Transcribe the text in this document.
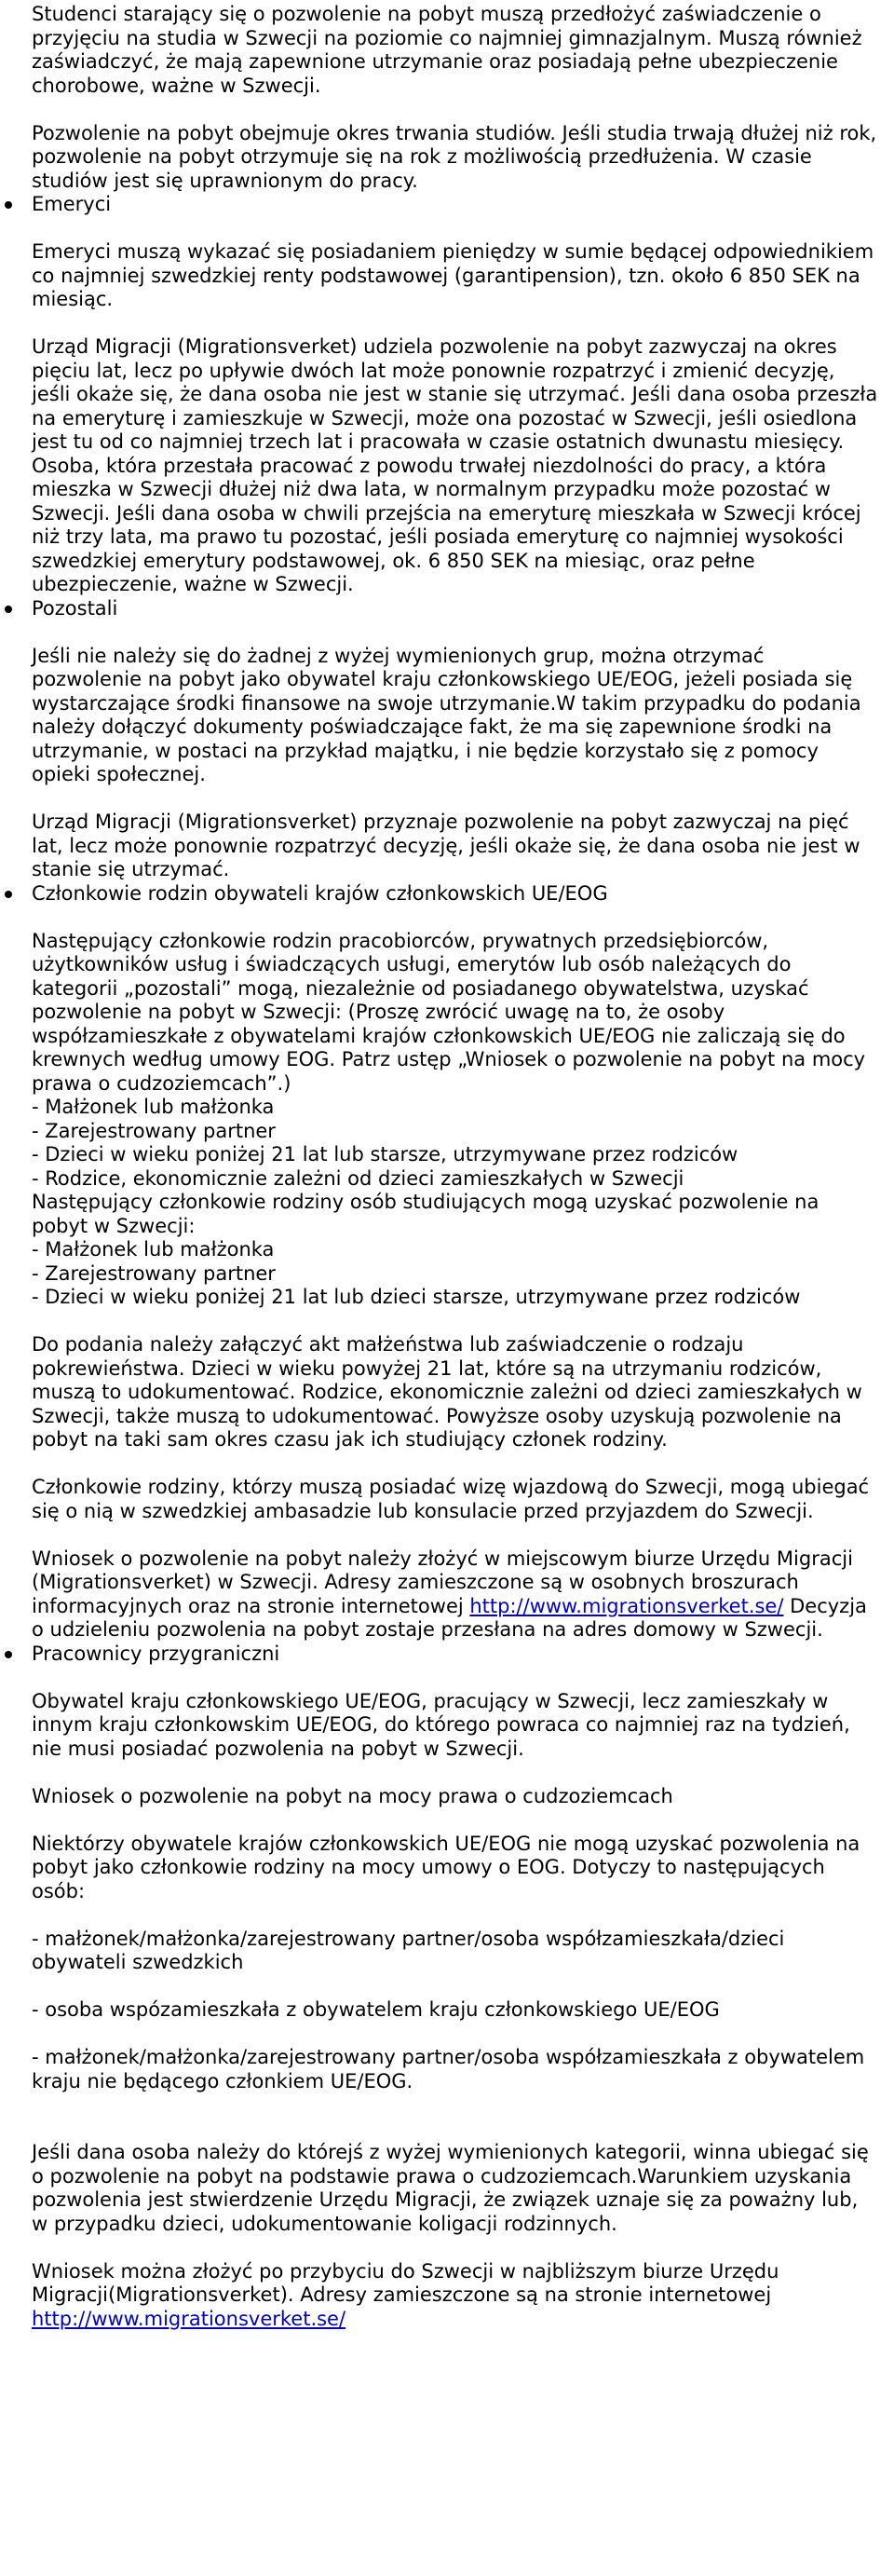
Studenci starający się o pozwolenie na pobyt muszą przedłożyć zaświadczenie o przyjęciu na studia w Szwecji na poziomie co najmniej gimnazjalnym. Muszą również zaświadczyć, że mają zapewnione utrzymanie oraz posiadają pełne ubezpieczenie chorobowe, ważne w Szwecji.

Pozwolenie na pobyt obejmuje okres trwania studiów. Jeśli studia trwają dłużej niż rok, pozwolenie na pobyt otrzymuje się na rok z możliwością przedłużenia. W czasie studiów jest się uprawnionym do pracy.

Emeryci

Emeryci muszą wykazać się posiadaniem pieniędzy w sumie będącej odpowiednikiem co najmniej szwedzkiej renty podstawowej (garantipension), tzn. około 6 850 SEK na miesiąc.

Urząd Migracji (Migrationsverket) udziela pozwolenie na pobyt zazwyczaj na okres pięciu lat, lecz po upływie dwóch lat może ponownie rozpatrzyć i zmienić decyzję, jeśli okaże się, że dana osoba nie jest w stanie się utrzymać. Jeśli dana osoba przeszła na emeryturę i zamieszkuje w Szwecji, może ona pozostać w Szwecji, jeśli osiedlona jest tu od co najmniej trzech lat i pracowała w czasie ostatnich dwunastu miesięcy.

Osoba, która przestała pracować z powodu trwałej niezdolności do pracy, a która mieszka w Szwecji dłużej niż dwa lata, w normalnym przypadku może pozostać w Szwecji. Jeśli dana osoba w chwili przejścia na emeryturę mieszkała w Szwecji krócej niż trzy lata, ma prawo tu pozostać, jeśli posiada emeryturę co najmniej wysokości szwedzkiej emerytury podstawowej, ok. 6 850 SEK na miesiąc, oraz pełne ubezpieczenie, ważne w Szwecji.

Pozostali

Jeśli nie należy się do żadnej z wyżej wymienionych grup, można otrzymać pozwolenie na pobyt jako obywatel kraju członkowskiego UE/EOG, jeżeli posiada się wystarczające środki finansowe na swoje utrzymanie.W takim przypadku do podania należy dołączyć dokumenty poświadczające fakt, że ma się zapewnione środki na utrzymanie, w postaci na przykład majątku, i nie będzie korzystało się z pomocy opieki społecznej.

Urząd Migracji (Migrationsverket) przyznaje pozwolenie na pobyt zazwyczaj na pięć lat, lecz może ponownie rozpatrzyć decyzję, jeśli okaże się, że dana osoba nie jest w stanie się utrzymać.

Członkowie rodzin obywateli krajów członkowskich UE/EOG

Następujący członkowie rodzin pracobiorców, prywatnych przedsiębiorców, użytkowników usług i świadczących usługi, emerytów lub osób należących do kategorii „pozostali” mogą, niezależnie od posiadanego obywatelstwa, uzyskać pozwolenie na pobyt w Szwecji: (Proszę zwrócić uwagę na to, że osoby współzamieszkałe z obywatelami krajów członkowskich UE/EOG nie zaliczają się do krewnych według umowy EOG. Patrz ustęp „Wniosek o pozwolenie na pobyt na mocy prawa o cudzoziemcach”.)

- Małżonek lub małżonka
- Zarejestrowany partner
- Dzieci w wieku poniżej 21 lat lub starsze, utrzymywane przez rodziców
- Rodzice, ekonomicznie zależni od dzieci zamieszkałych w Szwecji

Następujący członkowie rodziny osób studiujących mogą uzyskać pozwolenie na pobyt w Szwecji:

- Małżonek lub małżonka
- Zarejestrowany partner
- Dzieci w wieku poniżej 21 lat lub dzieci starsze, utrzymywane przez rodziców

Do podania należy załączyć akt małżeństwa lub zaświadczenie o rodzaju pokrewieństwa. Dzieci w wieku powyżej 21 lat, które są na utrzymaniu rodziców, muszą to udokumentować. Rodzice, ekonomicznie zależni od dzieci zamieszkałych w Szwecji, także muszą to udokumentować. Powyższe osoby uzyskują pozwolenie na pobyt na taki sam okres czasu jak ich studiujący członek rodziny.

Członkowie rodziny, którzy muszą posiadać wizę wjazdową do Szwecji, mogą ubiegać się o nią w szwedzkiej ambasadzie lub konsulacie przed przyjazdem do Szwecji.

Wniosek o pozwolenie na pobyt należy złożyć w miejscowym biurze Urzędu Migracji (Migrationsverket) w Szwecji. Adresy zamieszczone są w osobnych broszurach informacyjnych oraz na stronie internetowej http://www.migrationsverket.se/ Decyzja o udzieleniu pozwolenia na pobyt zostaje przesłana na adres domowy w Szwecji.

Pracownicy przygraniczni

Obywatel kraju członkowskiego UE/EOG, pracujący w Szwecji, lecz zamieszkały w innym kraju członkowskim UE/EOG, do którego powraca co najmniej raz na tydzień, nie musi posiadać pozwolenia na pobyt w Szwecji.

Wniosek o pozwolenie na pobyt na mocy prawa o cudzoziemcach

Niektórzy obywatele krajów członkowskich UE/EOG nie mogą uzyskać pozwolenia na pobyt jako członkowie rodziny na mocy umowy o EOG. Dotyczy to następujących osób:

- małżonek/małżonka/zarejestrowany partner/osoba współzamieszkała/dzieci obywateli szwedzkich

- osoba wspózamieszkała z obywatelem kraju członkowskiego UE/EOG

- małżonek/małżonka/zarejestrowany partner/osoba współzamieszkała z obywatelem kraju nie będącego członkiem UE/EOG.

Jeśli dana osoba należy do którejś z wyżej wymienionych kategorii, winna ubiegać się o pozwolenie na pobyt na podstawie prawa o cudzoziemcach.Warunkiem uzyskania pozwolenia jest stwierdzenie Urzędu Migracji, że związek uznaje się za poważny lub, w przypadku dzieci, udokumentowanie koligacji rodzinnych.

Wniosek można złożyć po przybyciu do Szwecji w najbliższym biurze Urzędu Migracji(Migrationsverket). Adresy zamieszczone są na stronie internetowej http://www.migrationsverket.se/
